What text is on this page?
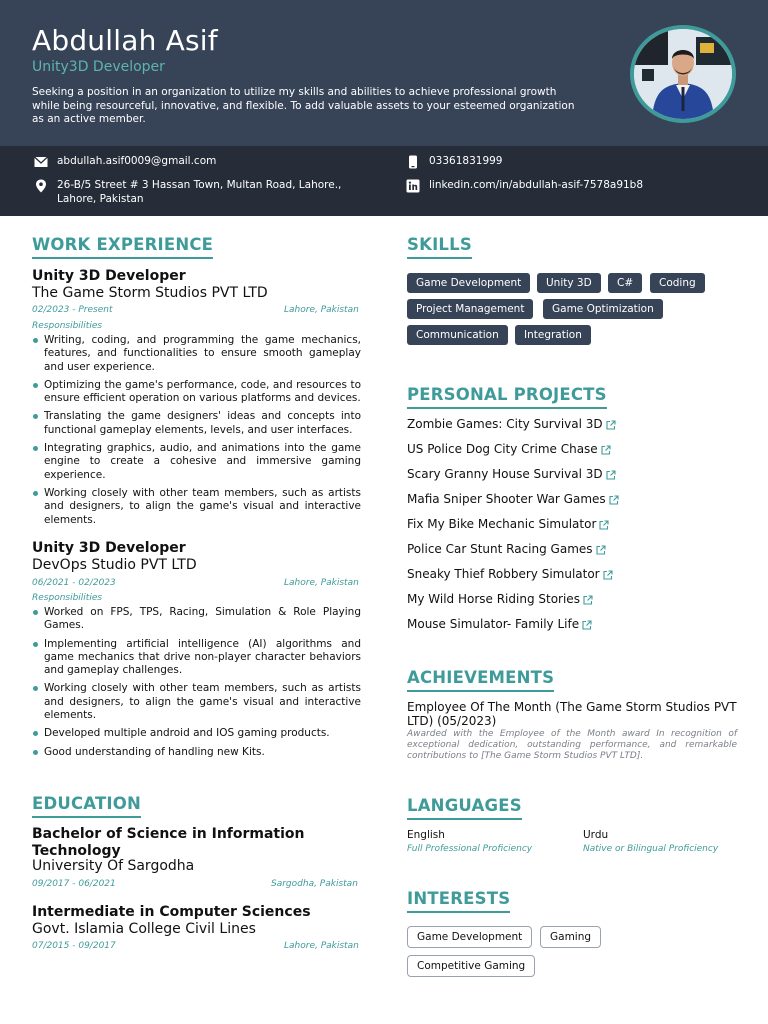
Abdullah Asif
Unity3D Developer
Seeking a position in an organization to utilize my skills and abilities to achieve professional growth while being resourceful, innovative, and flexible. To add valuable assets to your esteemed organization as an active member.
abdullah.asif0009@gmail.com	03361831999
26-B/5 Street # 3 Hassan Town, Multan Road, Lahore., Lahore, Pakistan
linkedin.com/in/abdullah-asif-7578a91b8
WORK EXPERIENCE
Unity 3D Developer
The Game Storm Studios PVT LTD
02/2023 - Present	Lahore, Pakistan
Responsibilities
Writing, coding, and programming the game mechanics, features, and functionalities to ensure smooth gameplay and user experience.
Optimizing the game's performance, code, and resources to ensure efficient operation on various platforms and devices.
Translating the game designers' ideas and concepts into functional gameplay elements, levels, and user interfaces.
Integrating graphics, audio, and animations into the game engine to create a cohesive and immersive gaming experience.
Working closely with other team members, such as artists and designers, to align the game's visual and interactive elements.
Unity 3D Developer
DevOps Studio PVT LTD
06/2021 - 02/2023	Lahore, Pakistan
Responsibilities
Worked on FPS, TPS, Racing, Simulation & Role Playing Games.
Implementing artificial intelligence (AI) algorithms and game mechanics that drive non-player character behaviors and gameplay challenges.
Working closely with other team members, such as artists and designers, to align the game's visual and interactive elements.
Developed multiple android and IOS gaming products.
Good understanding of handling new Kits.
EDUCATION
Bachelor of Science in Information Technology
University Of Sargodha
09/2017 - 06/2021	Sargodha, Pakistan
Intermediate in Computer Sciences
Govt. Islamia College Civil Lines
07/2015 - 09/2017	Lahore, Pakistan
SKILLS
Game Development	Unity 3D	C#	Coding
Project Management	Game Optimization
Communication	Integration
PERSONAL PROJECTS
Zombie Games: City Survival 3D
US Police Dog City Crime Chase
Scary Granny House Survival 3D
Mafia Sniper Shooter War Games
Fix My Bike Mechanic Simulator
Police Car Stunt Racing Games
Sneaky Thief Robbery Simulator
My Wild Horse Riding Stories
Mouse Simulator- Family Life
ACHIEVEMENTS
Employee Of The Month (The Game Storm Studios PVT LTD) (05/2023)
Awarded with the Employee of the Month award In recognition of exceptional dedication, outstanding performance, and remarkable contributions to [The Game Storm Studios PVT LTD].
LANGUAGES
English
Full Professional Proficiency
Urdu
Native or Bilingual Proficiency
INTERESTS
Game Development	Gaming
Competitive Gaming
